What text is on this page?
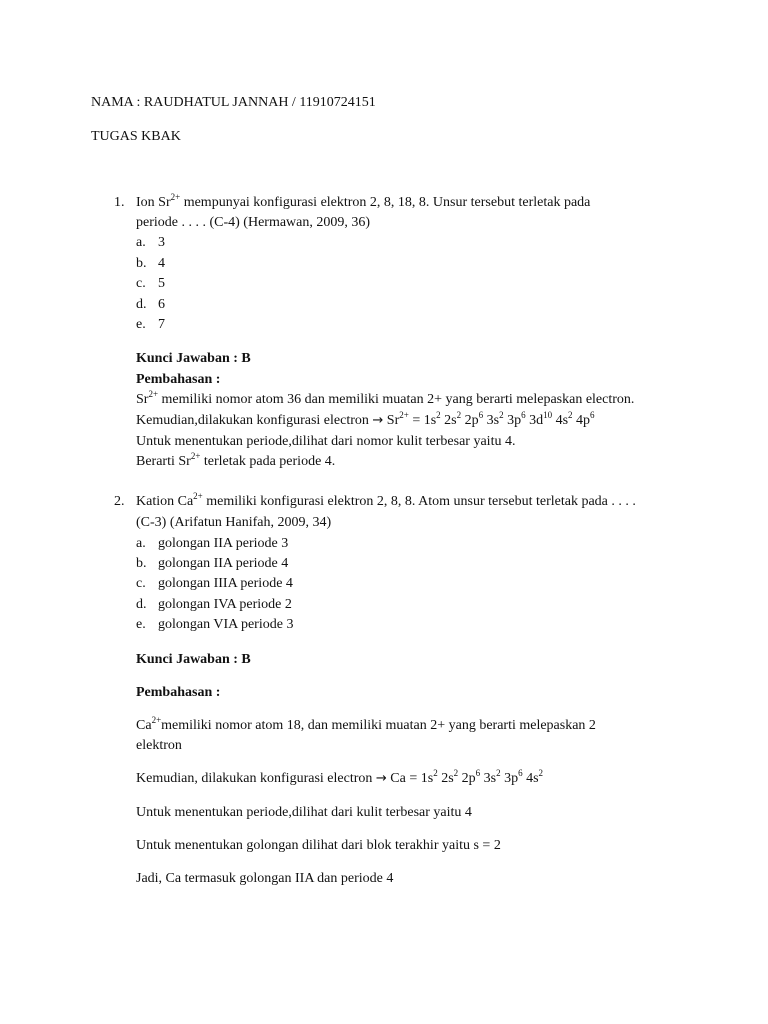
NAMA : RAUDHATUL JANNAH / 11910724151
TUGAS KBAK
1. Ion $Sr^{2+}$ mempunyai konfigurasi elektron 2, 8, 18, 8. Unsur tersebut terletak pada
periode . . . . (C-4) (Hermawan, 2009, 36)
a. 3
b. 4
c. 5
d. 6
e. 7
Kunci Jawaban : B
Pembahasan :
$Sr^{2+}$ memiliki nomor atom 36 dan memiliki muatan 2+ yang berarti melepaskan electron.
Kemudian,dilakukan konfigurasi electron → $Sr^{2+} = 1s^2$ $2s^2$ $2p^6$ $3s^2$ $3p^6$ $3d^{10}$ $4s^2$ $4p^6$
Untuk menentukan periode,dilihat dari nomor kulit terbesar yaitu 4.
Berarti $Sr^{2+}$ terletak pada periode 4.
2. Kation $Ca^{2+}$ memiliki konfigurasi elektron 2, 8, 8. Atom unsur tersebut terletak pada . . . .
(C-3) (Arifatun Hanifah, 2009, 34)
a. golongan IIA periode 3
b. golongan IIA periode 4
c. golongan IIIA periode 4
d. golongan IVA periode 2
e. golongan VIA periode 3
Kunci Jawaban : B
Pembahasan :
$Ca^{2+}memiliki$ nomor atom 18, dan memiliki muatan 2+ yang berarti melepaskan 2
elektron
Kemudian, dilakukan konfigurasi electron → $Ca = 1s^2$ $2s^2$ $2p^6$ $3s^2$ $3p^6$ $4s^2$
Untuk menentukan periode,dilihat dari kulit terbesar yaitu 4
Untuk menentukan golongan dilihat dari blok terakhir yaitu s = 2
Jadi, Ca termasuk golongan IIA dan periode 4
